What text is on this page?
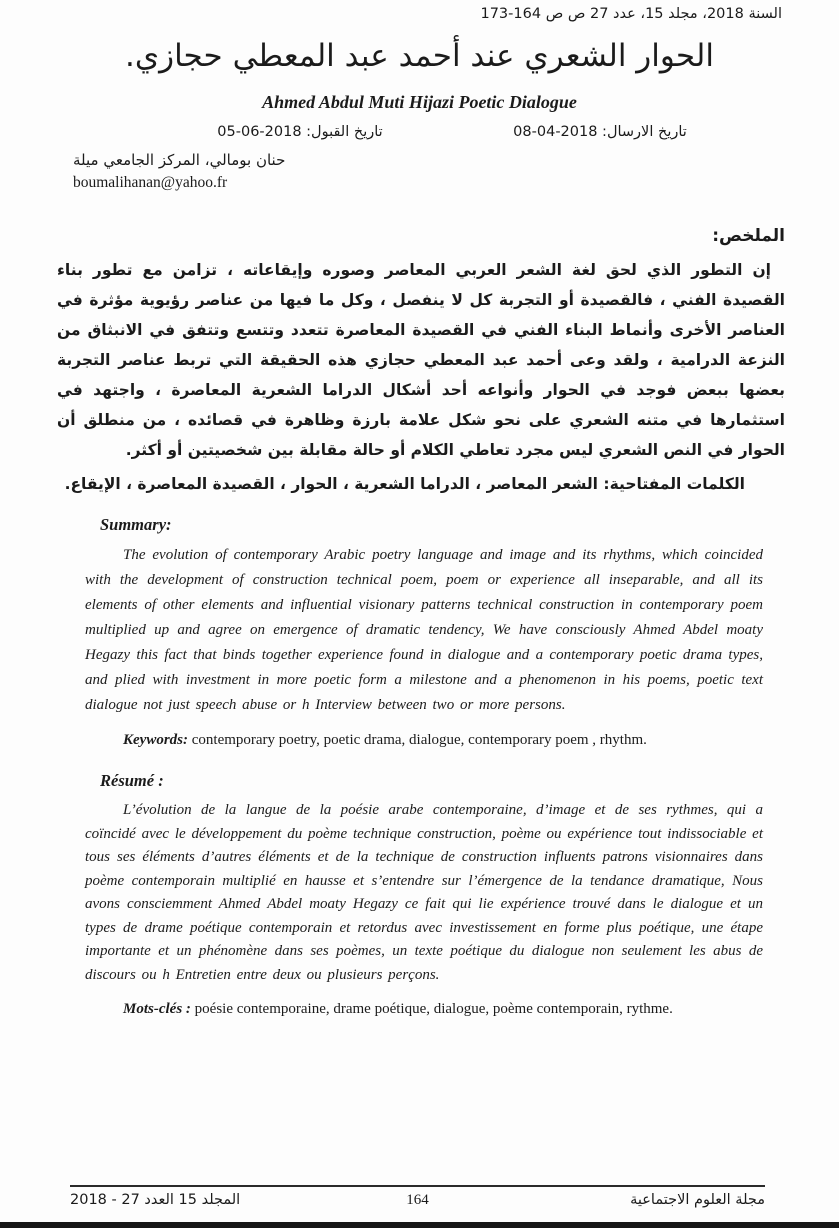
السنة 2018، مجلد 15، عدد 27 ص ص 164-173
الحوار الشعري عند أحمد عبد المعطي حجازي.
Ahmed Abdul Muti Hijazi Poetic Dialogue
تاريخ القبول: 2018-06-05	تاريخ الارسال: 2018-04-08
حنان بومالي، المركز الجامعي ميلة
boumalihanan@yahoo.fr
الملخص:

إن التطور الذي لحق لغة الشعر العربي المعاصر وصوره وإيقاعاته ، تزامن مع تطور بناء القصيدة الفني ، فالقصيدة أو التجربة كل لا ينفصل ، وكل ما فيها من عناصر رؤيوية مؤثرة في العناصر الأخرى وأنماط البناء الفني في القصيدة المعاصرة تتعدد وتتسع وتتفق في الانبثاق من النزعة الدرامية ، ولقد وعى أحمد عبد المعطي حجازي هذه الحقيقة التي تربط عناصر التجربة بعضها ببعض فوجد في الحوار وأنواعه أحد أشكال الدراما الشعرية المعاصرة ، واجتهد في استثمارها في متنه الشعري على نحو شكل علامة بارزة وظاهرة في قصائده ، من منطلق أن الحوار في النص الشعري ليس مجرد تعاطي الكلام أو حالة مقابلة بين شخصيتين أو أكثر.

الكلمات المفتاحية: الشعر المعاصر ، الدراما الشعرية ، الحوار ، القصيدة المعاصرة ، الإيقاع.

Summary:

The evolution of contemporary Arabic poetry language and image and its rhythms, which coincided with the development of construction technical poem, poem or experience all inseparable, and all its elements of other elements and influential visionary patterns technical construction in contemporary poem multiplied up and agree on emergence of dramatic tendency, We have consciously Ahmed Abdel moaty Hegazy this fact that binds together experience found in dialogue and a contemporary poetic drama types, and plied with investment in more poetic form a milestone and a phenomenon in his poems, poetic text dialogue not just speech abuse or h Interview between two or more persons.

Keywords: contemporary poetry, poetic drama, dialogue, contemporary poem , rhythm.

Résumé :

L’évolution de la langue de la poésie arabe contemporaine, d’image et de ses rythmes, qui a coïncidé avec le développement du poème technique construction, poème ou expérience tout indissociable et tous ses éléments d’autres éléments et de la technique de construction influents patrons visionnaires dans poème contemporain multiplié en hausse et s’entendre sur l’émergence de la tendance dramatique, Nous avons consciemment Ahmed Abdel moaty Hegazy ce fait qui lie expérience trouvé dans le dialogue et un types de drame poétique contemporain et retordus avec investissement en forme plus poétique, une étape importante et un phénomène dans ses poèmes, un texte poétique du dialogue non seulement les abus de discours ou h Entretien entre deux ou plusieurs perçons.

Mots-clés : poésie contemporaine, drame poétique, dialogue, poème contemporain, rythme.

المجلد 15 العدد 27 - 2018	164	مجلة العلوم الاجتماعية
